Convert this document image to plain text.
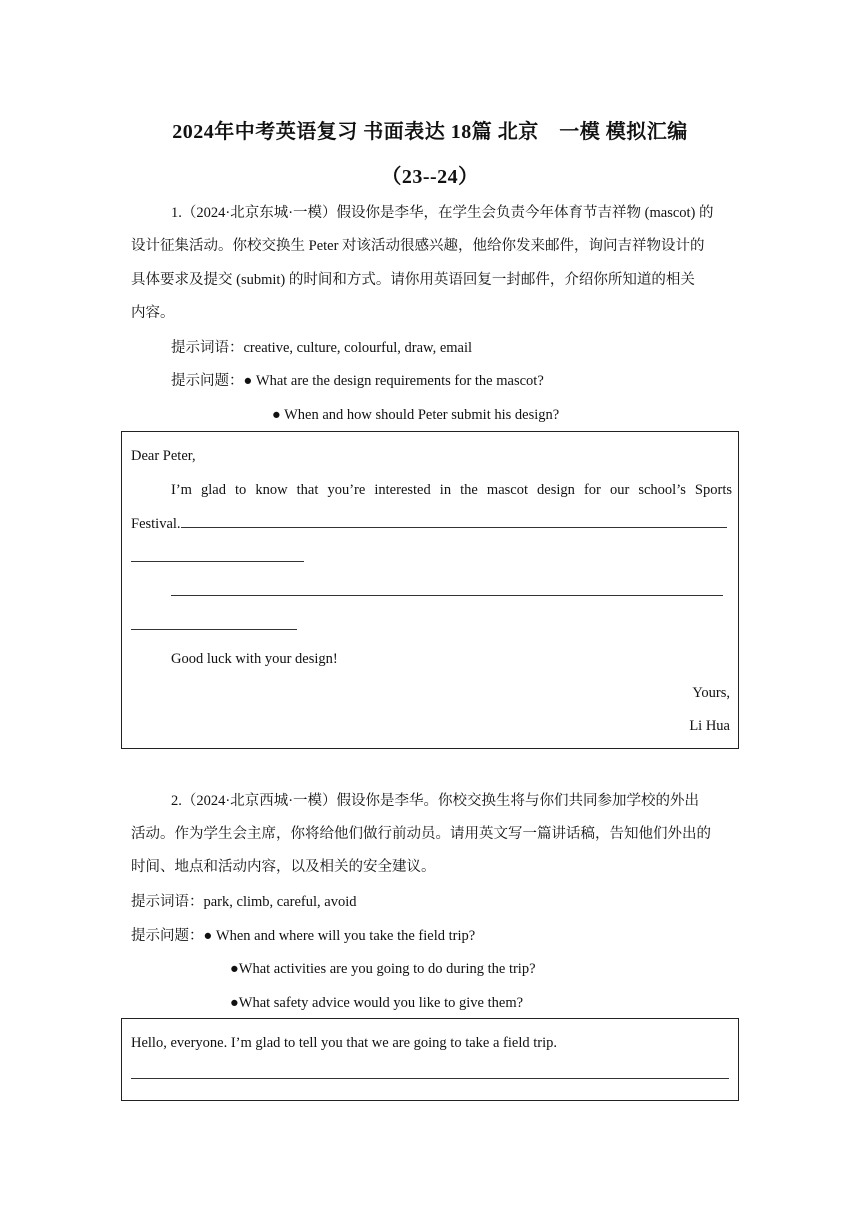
2024年中考英语复习 书面表达 18篇 北京　一模 模拟汇编
（23--24）
1.（2024·北京东城·一模）假设你是李华，在学生会负责今年体育节吉祥物 (mascot) 的
设计征集活动。你校交换生 Peter 对该活动很感兴趣，他给你发来邮件，询问吉祥物设计的
具体要求及提交 (submit) 的时间和方式。请你用英语回复一封邮件，介绍你所知道的相关
内容。
提示词语：creative, culture, colourful, draw, email
提示问题：● What are the design requirements for the mascot?
● When and how should Peter submit his design?
Dear Peter,
I’m glad to know that you’re interested in the mascot design for our school’s Sports
Festival.
Good luck with your design!
Yours,
Li Hua
2.（2024·北京西城·一模）假设你是李华。你校交换生将与你们共同参加学校的外出
活动。作为学生会主席，你将给他们做行前动员。请用英文写一篇讲话稿，告知他们外出的
时间、地点和活动内容，以及相关的安全建议。
提示词语：park, climb, careful, avoid
提示问题：● When and where will you take the field trip?
●What activities are you going to do during the trip?
●What safety advice would you like to give them?
Hello, everyone. I’m glad to tell you that we are going to take a field trip.
